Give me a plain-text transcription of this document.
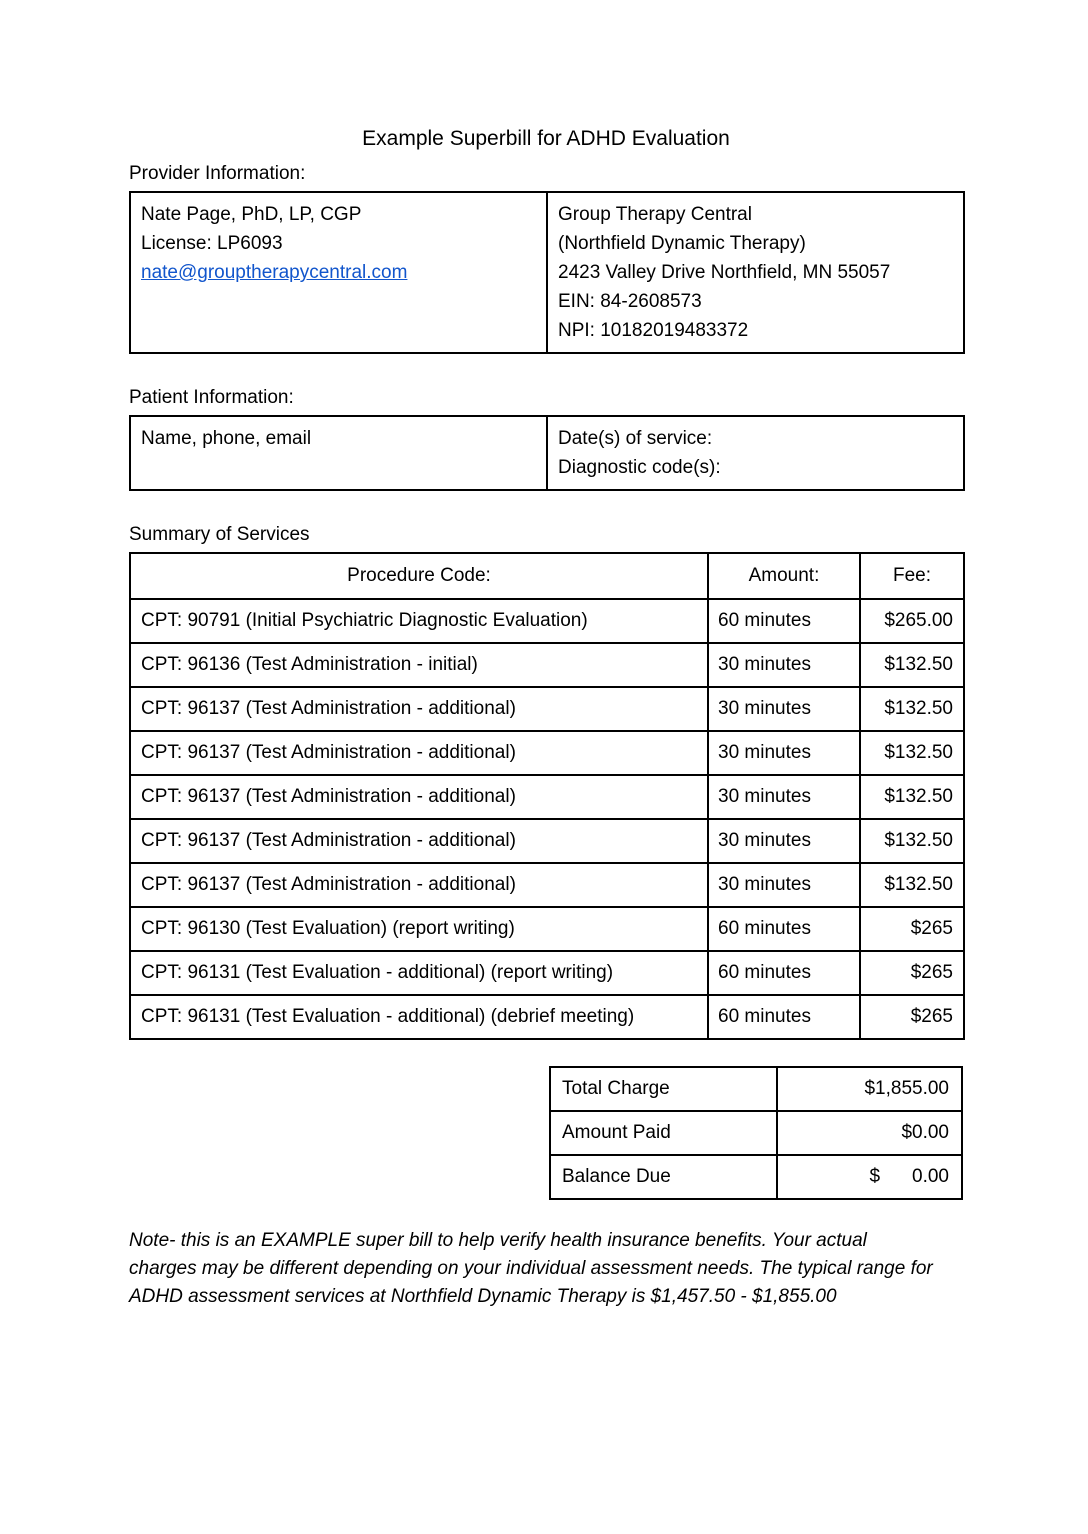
Example Superbill for ADHD Evaluation
Provider Information:
Nate Page, PhD, LP, CGP
License: LP6093
nate@grouptherapycentral.com

Group Therapy Central
(Northfield Dynamic Therapy)
2423 Valley Drive Northfield, MN 55057
EIN: 84-2608573
NPI: 10182019483372
Patient Information:
Name, phone, email	Date(s) of service:
Diagnostic code(s):
Summary of Services
Procedure Code:	Amount:	Fee:
CPT: 90791 (Initial Psychiatric Diagnostic Evaluation)	60 minutes	$265.00
CPT: 96136 (Test Administration - initial)	30 minutes	$132.50
CPT: 96137 (Test Administration - additional)	30 minutes	$132.50
CPT: 96137 (Test Administration - additional)	30 minutes	$132.50
CPT: 96137 (Test Administration - additional)	30 minutes	$132.50
CPT: 96137 (Test Administration - additional)	30 minutes	$132.50
CPT: 96137 (Test Administration - additional)	30 minutes	$132.50
CPT: 96130 (Test Evaluation) (report writing)	60 minutes	$265
CPT: 96131 (Test Evaluation - additional) (report writing)	60 minutes	$265
CPT: 96131 (Test Evaluation - additional) (debrief meeting)	60 minutes	$265
Total Charge	$1,855.00
Amount Paid	$0.00
Balance Due	$ 0.00
Note- this is an EXAMPLE super bill to help verify health insurance benefits. Your actual
charges may be different depending on your individual assessment needs. The typical range for
ADHD assessment services at Northfield Dynamic Therapy is $1,457.50 - $1,855.00
